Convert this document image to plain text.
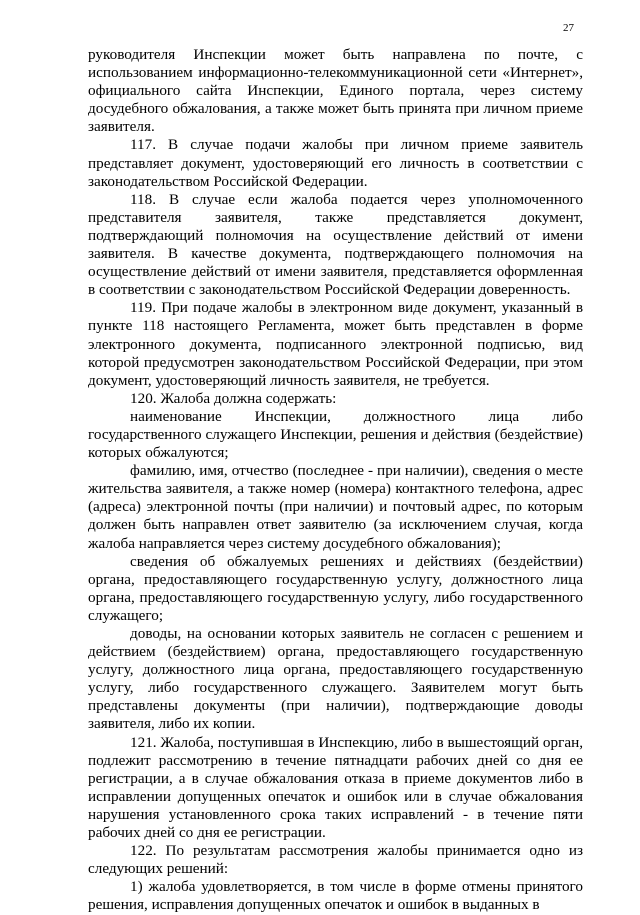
27

руководителя Инспекции может быть направлена по почте, с использованием информационно-телекоммуникационной сети «Интернет», официального сайта Инспекции, Единого портала, через систему досудебного обжалования, а также может быть принята при личном приеме заявителя.

117. В случае подачи жалобы при личном приеме заявитель представляет документ, удостоверяющий его личность в соответствии с законодательством Российской Федерации.

118. В случае если жалоба подается через уполномоченного представителя заявителя, также представляется документ, подтверждающий полномочия на осуществление действий от имени заявителя. В качестве документа, подтверждающего полномочия на осуществление действий от имени заявителя, представляется оформленная в соответствии с законодательством Российской Федерации доверенность.

119. При подаче жалобы в электронном виде документ, указанный в пункте 118 настоящего Регламента, может быть представлен в форме электронного документа, подписанного электронной подписью, вид которой предусмотрен законодательством Российской Федерации, при этом документ, удостоверяющий личность заявителя, не требуется.

120. Жалоба должна содержать:

наименование Инспекции, должностного лица либо государственного служащего Инспекции, решения и действия (бездействие) которых обжалуются;

фамилию, имя, отчество (последнее - при наличии), сведения о месте жительства заявителя, а также номер (номера) контактного телефона, адрес (адреса) электронной почты (при наличии) и почтовый адрес, по которым должен быть направлен ответ заявителю (за исключением случая, когда жалоба направляется через систему досудебного обжалования);

сведения об обжалуемых решениях и действиях (бездействии) органа, предоставляющего государственную услугу, должностного лица органа, предоставляющего государственную услугу, либо государственного служащего;

доводы, на основании которых заявитель не согласен с решением и действием (бездействием) органа, предоставляющего государственную услугу, должностного лица органа, предоставляющего государственную услугу, либо государственного служащего. Заявителем могут быть представлены документы (при наличии), подтверждающие доводы заявителя, либо их копии.

121. Жалоба, поступившая в Инспекцию, либо в вышестоящий орган, подлежит рассмотрению в течение пятнадцати рабочих дней со дня ее регистрации, а в случае обжалования отказа в приеме документов либо в исправлении допущенных опечаток и ошибок или в случае обжалования нарушения установленного срока таких исправлений - в течение пяти рабочих дней со дня ее регистрации.

122. По результатам рассмотрения жалобы принимается одно из следующих решений:

1) жалоба удовлетворяется, в том числе в форме отмены принятого решения, исправления допущенных опечаток и ошибок в выданных в
